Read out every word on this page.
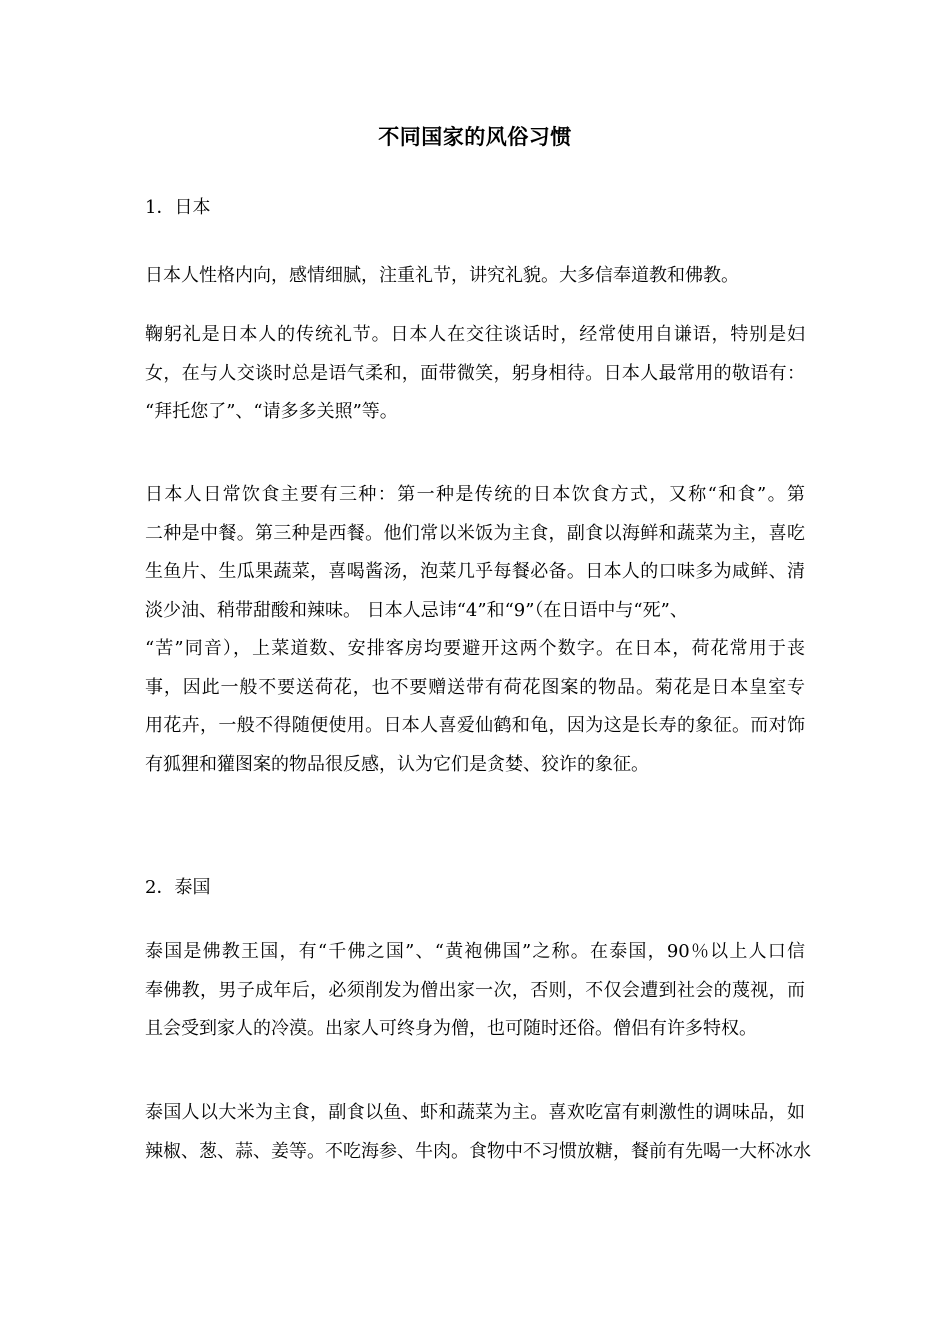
不同国家的风俗习惯
1．日本
日本人性格内向，感情细腻，注重礼节，讲究礼貌。大多信奉道教和佛教。
鞠躬礼是日本人的传统礼节。日本人在交往谈话时，经常使用自谦语，特别是妇
女，在与人交谈时总是语气柔和，面带微笑，躬身相待。日本人最常用的敬语有：
“拜托您了”、“请多多关照”等。
日本人日常饮食主要有三种：第一种是传统的日本饮食方式，又称“和食”。第
二种是中餐。第三种是西餐。他们常以米饭为主食，副食以海鲜和蔬菜为主，喜吃
生鱼片、生瓜果蔬菜，喜喝酱汤，泡菜几乎每餐必备。日本人的口味多为咸鲜、清
淡少油、稍带甜酸和辣味。 日本人忌讳“4”和“9”（在日语中与“死”、
“苦”同音），上菜道数、安排客房均要避开这两个数字。在日本，荷花常用于丧
事，因此一般不要送荷花，也不要赠送带有荷花图案的物品。菊花是日本皇室专
用花卉，一般不得随便使用。日本人喜爱仙鹤和龟，因为这是长寿的象征。而对饰
有狐狸和獾图案的物品很反感，认为它们是贪婪、狡诈的象征。
2．泰国
泰国是佛教王国，有“千佛之国”、“黄袍佛国”之称。在泰国，90％以上人口信
奉佛教，男子成年后，必须削发为僧出家一次，否则，不仅会遭到社会的蔑视，而
且会受到家人的冷漠。出家人可终身为僧，也可随时还俗。僧侣有许多特权。
泰国人以大米为主食，副食以鱼、虾和蔬菜为主。喜欢吃富有刺激性的调味品，如
辣椒、葱、蒜、姜等。不吃海参、牛肉。食物中不习惯放糖，餐前有先喝一大杯冰水
